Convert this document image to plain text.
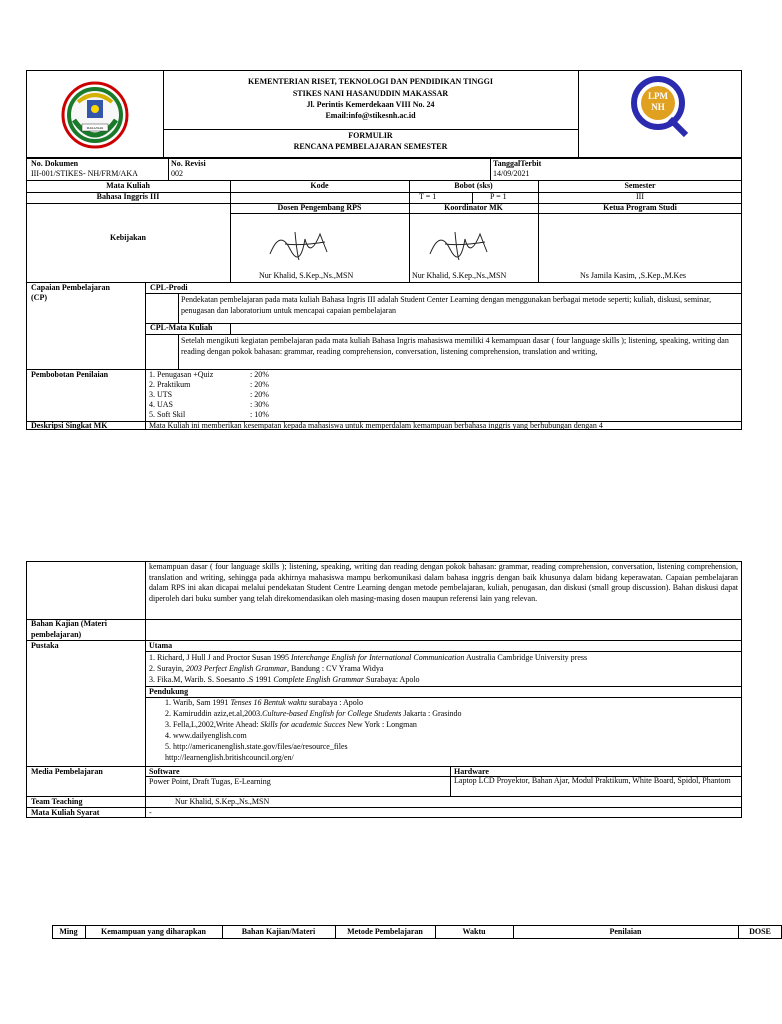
MAKASSAR
KEMENTERIAN RISET, TEKNOLOGI DAN PENDIDIKAN TINGGI
STIKES NANI HASANUDDIN MAKASSAR
Jl. Perintis Kemerdekaan VIII No. 24
Email:info@stikesnh.ac.id
FORMULIR
RENCANA PEMBELAJARAN SEMESTER
LPM
NH
No. Dokumen
III-001/STIKES- NH/FRM/AKA
No. Revisi
002
TanggalTerbit
14/09/2021
Mata Kuliah	Kode	Bobot (sks)	Semester
Bahasa Inggris III	T = 1	P = 1	III
Kebijakan
Dosen Pengembang RPS	Koordinator MK	Ketua Program Studi
Nur Khalid, S.Kep.,Ns.,MSN	Nur Khalid, S.Kep.,Ns.,MSN	Ns Jamila Kasim, ,S.Kep.,M.Kes
Capaian Pembelajaran
(CP)
CPL-Prodi
Pendekatan pembelajaran pada mata kuliah Bahasa Ingris III adalah Student Center Learning dengan menggunakan berbagai metode seperti; kuliah, diskusi, seminar, penugasan dan laboratorium untuk mencapai capaian pembelajaran
CPL-Mata Kuliah
Setelah mengikuti kegiatan pembelajaran pada mata kuliah Bahasa Ingris mahasiswa memiliki 4 kemampuan dasar ( four language skills ); listening, speaking, writing dan reading dengan pokok bahasan: grammar, reading comprehension, conversation, listening comprehension, translation and writing,
Pembobotan Penilaian	1. Penugasan +Quiz	: 20%
2. Praktikum	: 20%
3. UTS	: 20%
4. UAS	: 30%
5. Soft Skil	: 10%
Deskripsi Singkat MK	Mata Kuliah ini memberikan kesempatan kepada mahasiswa untuk memperdalam kemampuan berbahasa inggris yang berhubungan dengan 4
kemampuan dasar ( four language skills ); listening, speaking, writing dan reading dengan pokok bahasan: grammar, reading comprehension, conversation, listening comprehension, translation and writing, sehingga pada akhirnya mahasiswa mampu berkomunikasi dalam bahasa inggris dengan baik khusunya dalam bidang keperawatan. Capaian pembelajaran dalam RPS ini akan dicapai melalui pendekatan Student Centre Learning dengan metode pembelajaran, kuliah, penugasan, dan diskusi (small group discussion). Bahan diskusi dapat diperoleh dari buku sumber yang telah direkomendasikan oleh masing-masing dosen maupun referensi lain yang relevan.
Bahan Kajian (Materi pembelajaran)
Pustaka	Utama
1. Richard, J Hull J and Proctor Susan 1995 Interchange English for International Communication Australia Cambridge University press
2. Surayin, 2003 Perfect English Grammar, Bandung : CV Yrama Widya
3. Fika.M, Warib. S. Soesanto .S 1991 Complete English Grammar Surabaya: Apolo
Pendukung
1. Warib, Sam 1991 Tenses 16 Bentuk waktu surabaya : Apolo
2. Kamiruddin aziz,et.al,2003.Culture-based English for College Students Jakarta : Grasindo
3. Fella,L,2002,Write Ahead: Skills for academic Succes New York : Longman
4. www.dailyenglish.com
5. http://americanenglish.state.gov/files/ae/resource_files
http://learnenglish.britishcouncil.org/en/
Media Pembelajaran	Software
Power Point, Draft Tugas, E-Learning
Hardware
Laptop LCD Proyektor, Bahan Ajar, Modul Praktikum, White Board, Spidol, Phantom
Team Teaching	Nur Khalid, S.Kep.,Ns.,MSN
Mata Kuliah Syarat	-
Ming	Kemampuan yang diharapkan	Bahan Kajian/Materi	Metode Pembelajaran	Waktu	Penilaian	DOSE
